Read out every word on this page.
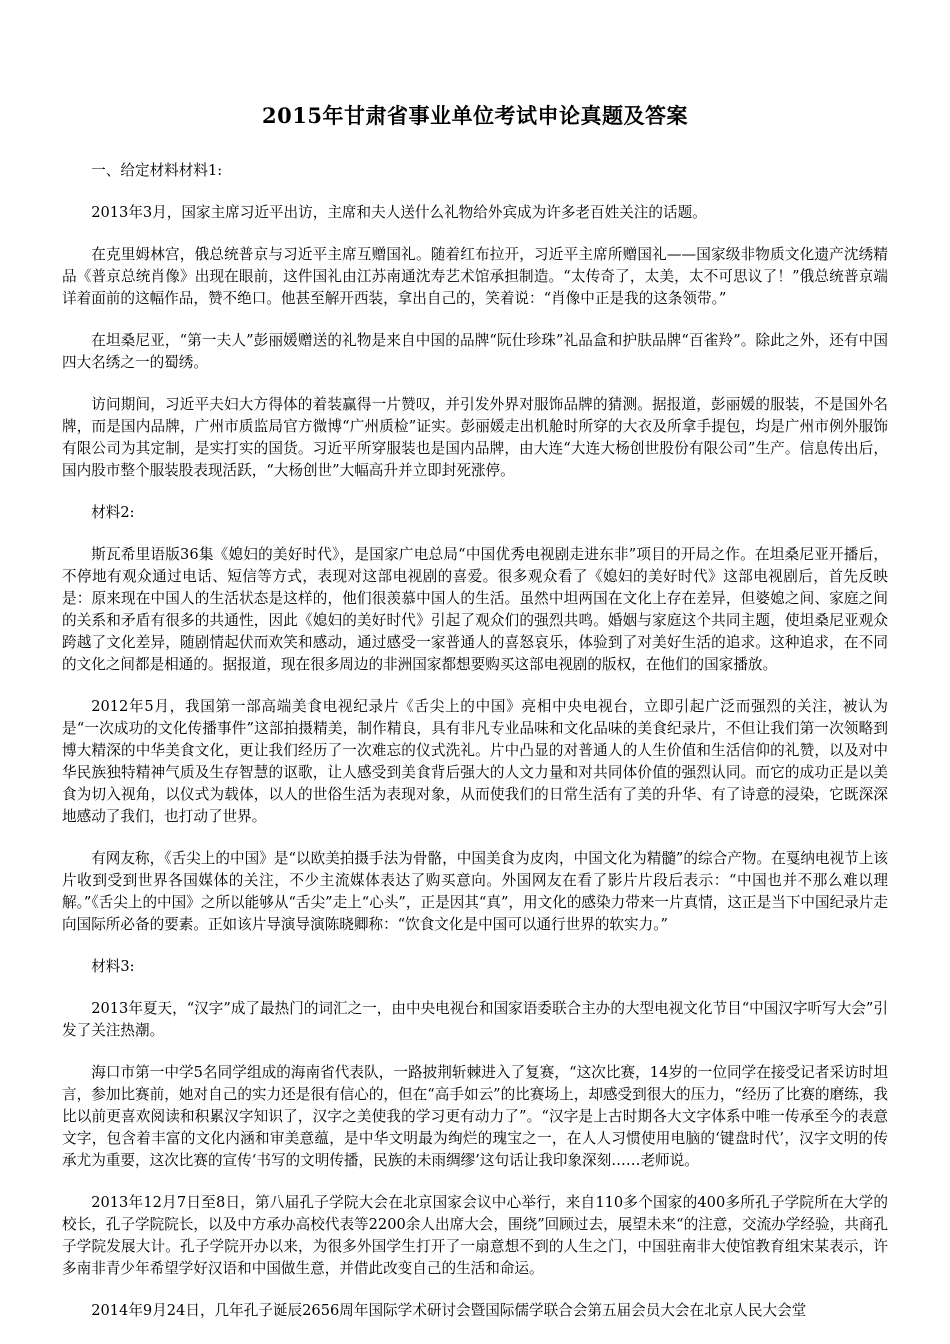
2015年甘肃省事业单位考试申论真题及答案

一、给定材料材料1:

2013年3月，国家主席习近平出访，主席和夫人送什么礼物给外宾成为许多老百姓关注的话题。

在克里姆林宫，俄总统普京与习近平主席互赠国礼。随着红布拉开，习近平主席所赠国礼——国家级非物质文化遗产沈绣精品《普京总统肖像》出现在眼前，这件国礼由江苏南通沈寿艺术馆承担制造。“太传奇了，太美，太不可思议了！”俄总统普京端详着面前的这幅作品，赞不绝口。他甚至解开西装，拿出自己的，笑着说：“肖像中正是我的这条领带。”

在坦桑尼亚，“第一夫人”彭丽媛赠送的礼物是来自中国的品牌“阮仕珍珠”礼品盒和护肤品牌“百雀羚”。除此之外，还有中国四大名绣之一的蜀绣。

访问期间，习近平夫妇大方得体的着装赢得一片赞叹，并引发外界对服饰品牌的猜测。据报道，彭丽媛的服装，不是国外名牌，而是国内品牌，广州市质监局官方微博“广州质检”证实。彭丽媛走出机舱时所穿的大衣及所拿手提包，均是广州市例外服饰有限公司为其定制，是实打实的国货。习近平所穿服装也是国内品牌，由大连“大连大杨创世股份有限公司”生产。信息传出后，国内股市整个服装股表现活跃，“大杨创世”大幅高升并立即封死涨停。

材料2:

斯瓦希里语版36集《媳妇的美好时代》，是国家广电总局“中国优秀电视剧走进东非”项目的开局之作。在坦桑尼亚开播后，不停地有观众通过电话、短信等方式，表现对这部电视剧的喜爱。很多观众看了《媳妇的美好时代》这部电视剧后，首先反映是：原来现在中国人的生活状态是这样的，他们很羡慕中国人的生活。虽然中坦两国在文化上存在差异，但婆媳之间、家庭之间的关系和矛盾有很多的共通性，因此《媳妇的美好时代》引起了观众们的强烈共鸣。婚姻与家庭这个共同主题，使坦桑尼亚观众跨越了文化差异，随剧情起伏而欢笑和感动，通过感受一家普通人的喜怒哀乐，体验到了对美好生活的追求。这种追求，在不同的文化之间都是相通的。据报道，现在很多周边的非洲国家都想要购买这部电视剧的版权，在他们的国家播放。

2012年5月，我国第一部高端美食电视纪录片《舌尖上的中国》亮相中央电视台，立即引起广泛而强烈的关注，被认为是“一次成功的文化传播事件”这部拍摄精美，制作精良，具有非凡专业品味和文化品味的美食纪录片，不但让我们第一次领略到博大精深的中华美食文化，更让我们经历了一次难忘的仪式洗礼。片中凸显的对普通人的人生价值和生活信仰的礼赞，以及对中华民族独特精神气质及生存智慧的讴歌，让人感受到美食背后强大的人文力量和对共同体价值的强烈认同。而它的成功正是以美食为切入视角，以仪式为载体，以人的世俗生活为表现对象，从而使我们的日常生活有了美的升华、有了诗意的浸染，它既深深地感动了我们，也打动了世界。

有网友称，《舌尖上的中国》是“以欧美拍摄手法为骨骼，中国美食为皮肉，中国文化为精髓”的综合产物。在戛纳电视节上该片收到受到世界各国媒体的关注，不少主流媒体表达了购买意向。外国网友在看了影片片段后表示：“中国也并不那么难以理解。”《舌尖上的中国》之所以能够从“舌尖”走上“心头”，正是因其“真”，用文化的感染力带来一片真情，这正是当下中国纪录片走向国际所必备的要素。正如该片导演导演陈晓卿称：“饮食文化是中国可以通行世界的软实力。”

材料3:

2013年夏天，“汉字”成了最热门的词汇之一，由中央电视台和国家语委联合主办的大型电视文化节目“中国汉字听写大会”引发了关注热潮。

海口市第一中学5名同学组成的海南省代表队，一路披荆斩棘进入了复赛，“这次比赛，14岁的一位同学在接受记者采访时坦言，参加比赛前，她对自己的实力还是很有信心的，但在“高手如云”的比赛场上，却感受到很大的压力，“经历了比赛的磨练，我比以前更喜欢阅读和积累汉字知识了，汉字之美使我的学习更有动力了”。“汉字是上古时期各大文字体系中唯一传承至今的表意文字，包含着丰富的文化内涵和审美意蕴，是中华文明最为绚烂的瑰宝之一，在人人习惯使用电脑的‘键盘时代’，汉字文明的传承尤为重要，这次比赛的宣传‘书写的文明传播，民族的未雨绸缪’这句话让我印象深刻……老师说。

2013年12月7日至8日，第八届孔子学院大会在北京国家会议中心举行，来自110多个国家的400多所孔子学院所在大学的校长，孔子学院院长，以及中方承办高校代表等2200余人出席大会，围绕”回顾过去，展望未来“的注意，交流办学经验，共商孔子学院发展大计。孔子学院开办以来，为很多外国学生打开了一扇意想不到的人生之门，中国驻南非大使馆教育组宋某表示，许多南非青少年希望学好汉语和中国做生意，并借此改变自己的生活和命运。

2014年9月24日，几年孔子诞辰2656周年国际学术研讨会暨国际儒学联合会第五届会员大会在北京人民大会堂
